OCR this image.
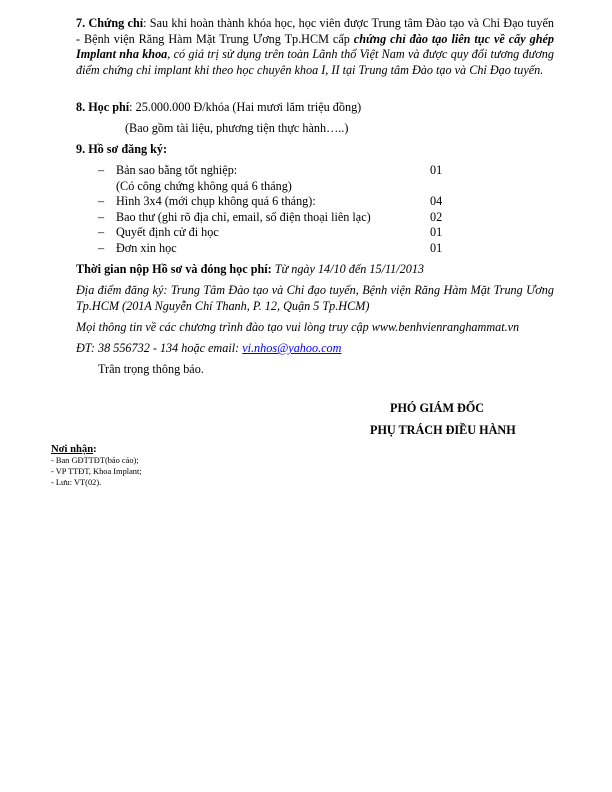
7. Chứng chỉ: Sau khi hoàn thành khóa học, học viên được Trung tâm Đào tạo và Chỉ Đạo tuyến - Bệnh viện Răng Hàm Mặt Trung Ương Tp.HCM cấp chứng chỉ đào tạo liên tục về cấy ghép Implant nha khoa, có giá trị sử dụng trên toàn Lãnh thổ Việt Nam và được quy đổi tương đương điểm chứng chỉ implant khi theo học chuyên khoa I, II tại Trung tâm Đào tạo và Chỉ Đạo tuyến.
8. Học phí: 25.000.000 Đ/khóa (Hai mươi lăm triệu đồng)
(Bao gồm tài liệu, phương tiện thực hành…..)
9. Hồ sơ đăng ký:
– Bản sao bằng tốt nghiệp:	01
(Có công chứng không quá 6 tháng)
– Hình 3x4 (mới chụp không quá 6 tháng):	04
– Bao thư (ghi rõ địa chỉ, email, số điện thoại liên lạc)	02
– Quyết định cử đi học	01
– Đơn xin học	01
Thời gian nộp Hồ sơ và đóng học phí: Từ ngày 14/10 đến 15/11/2013
Địa điểm đăng ký: Trung Tâm Đào tạo và Chỉ đạo tuyến, Bệnh viện Răng Hàm Mặt Trung Ương Tp.HCM (201A Nguyễn Chí Thanh, P. 12, Quận 5 Tp.HCM)
Mọi thông tin về các chương trình đào tạo vui lòng truy cập www.benhvienranghammat.vn
ĐT: 38 556732 - 134 hoặc email: vi.nhos@yahoo.com
Trân trọng thông báo.
PHÓ GIÁM ĐỐC
PHỤ TRÁCH ĐIỀU HÀNH
Nơi nhận:
- Ban GĐTTĐT(báo cáo);
- VP TTĐT, Khoa Implant;
- Lưu: VT(02).
